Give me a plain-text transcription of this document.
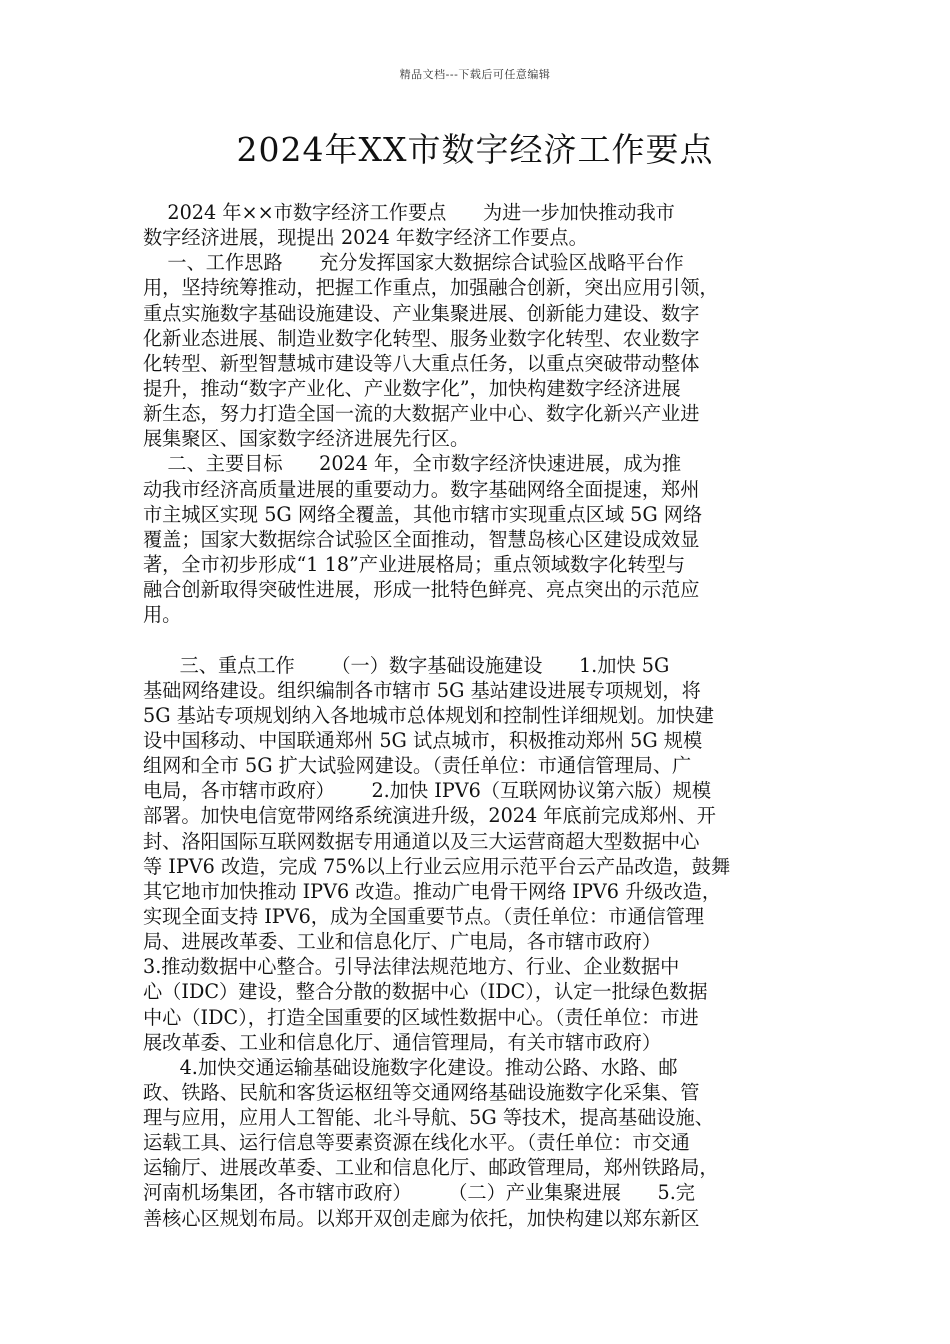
精品文档---下载后可任意编辑
2024年XX市数字经济工作要点
2024 年××市数字经济工作要点      为进一步加快推动我市
数字经济进展，现提出 2024 年数字经济工作要点。
一、工作思路      充分发挥国家大数据综合试验区战略平台作
用，坚持统筹推动，把握工作重点，加强融合创新，突出应用引领，
重点实施数字基础设施建设、产业集聚进展、创新能力建设、数字
化新业态进展、制造业数字化转型、服务业数字化转型、农业数字
化转型、新型智慧城市建设等八大重点任务，以重点突破带动整体
提升，推动“数字产业化、产业数字化”，加快构建数字经济进展
新生态，努力打造全国一流的大数据产业中心、数字化新兴产业进
展集聚区、国家数字经济进展先行区。
二、主要目标      2024 年，全市数字经济快速进展，成为推
动我市经济高质量进展的重要动力。数字基础网络全面提速，郑州
市主城区实现 5G 网络全覆盖，其他市辖市实现重点区域 5G 网络
覆盖；国家大数据综合试验区全面推动，智慧岛核心区建设成效显
著，全市初步形成“1 18”产业进展格局；重点领域数字化转型与
融合创新取得突破性进展，形成一批特色鲜亮、亮点突出的示范应
用。
三、重点工作      （一）数字基础设施建设      1.加快 5G
基础网络建设。组织编制各市辖市 5G 基站建设进展专项规划，将
5G 基站专项规划纳入各地城市总体规划和控制性详细规划。加快建
设中国移动、中国联通郑州 5G 试点城市，积极推动郑州 5G 规模
组网和全市 5G 扩大试验网建设。（责任单位：市通信管理局、广
电局，各市辖市政府）      2.加快 IPV6（互联网协议第六版）规模
部署。加快电信宽带网络系统演进升级，2024 年底前完成郑州、开
封、洛阳国际互联网数据专用通道以及三大运营商超大型数据中心
等 IPV6 改造，完成 75%以上行业云应用示范平台云产品改造，鼓舞
其它地市加快推动 IPV6 改造。推动广电骨干网络 IPV6 升级改造，
实现全面支持 IPV6，成为全国重要节点。（责任单位：市通信管理
局、进展改革委、工业和信息化厅、广电局，各市辖市政府）
3.推动数据中心整合。引导法律法规范地方、行业、企业数据中
心（IDC）建设，整合分散的数据中心（IDC），认定一批绿色数据
中心（IDC），打造全国重要的区域性数据中心。（责任单位：市进
展改革委、工业和信息化厅、通信管理局，有关市辖市政府）
4.加快交通运输基础设施数字化建设。推动公路、水路、邮
政、铁路、民航和客货运枢纽等交通网络基础设施数字化采集、管
理与应用，应用人工智能、北斗导航、5G 等技术，提高基础设施、
运载工具、运行信息等要素资源在线化水平。（责任单位：市交通
运输厅、进展改革委、工业和信息化厅、邮政管理局，郑州铁路局，
河南机场集团，各市辖市政府）      （二）产业集聚进展      5.完
善核心区规划布局。以郑开双创走廊为依托，加快构建以郑东新区
